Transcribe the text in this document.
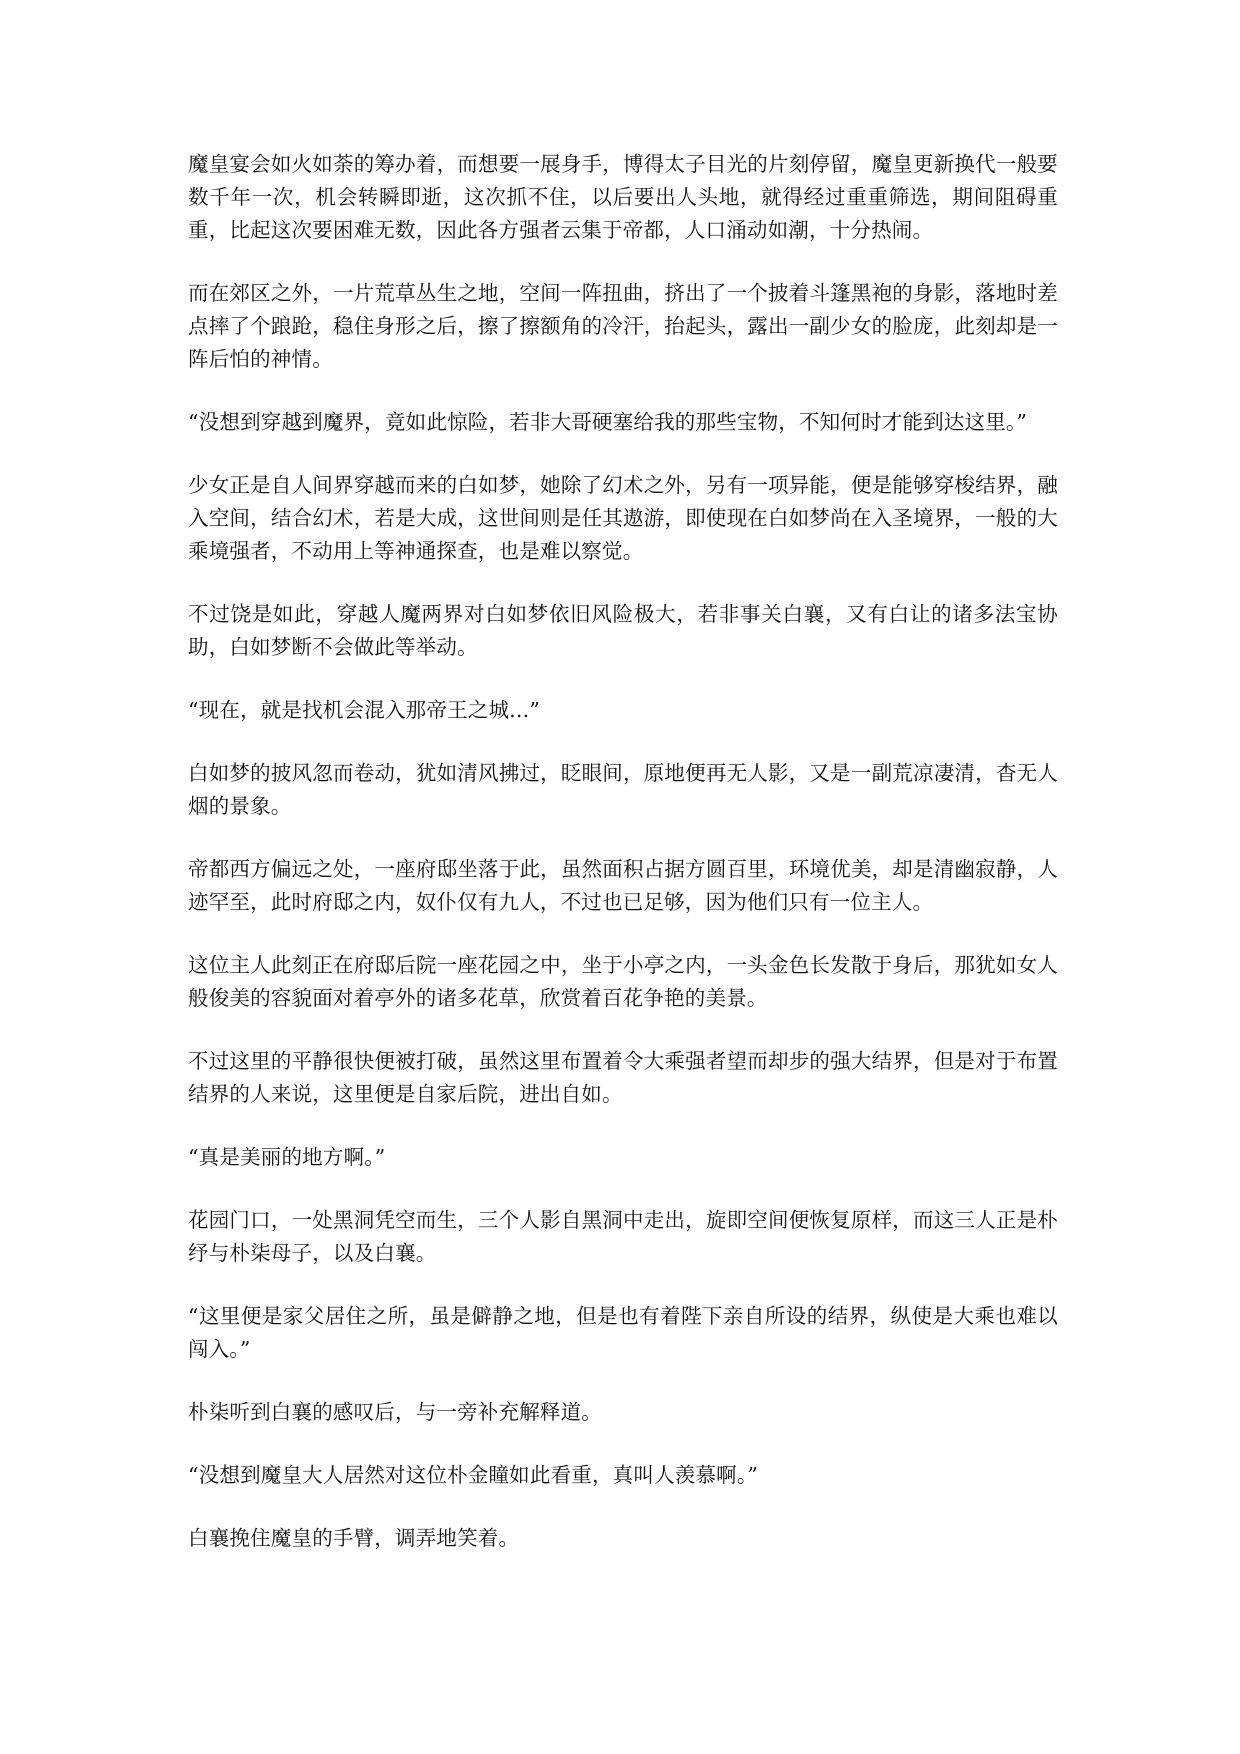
魔皇宴会如火如荼的筹办着，而想要一展身手，博得太子目光的片刻停留，魔皇更新换代一般要数千年一次，机会转瞬即逝，这次抓不住，以后要出人头地，就得经过重重筛选，期间阻碍重重，比起这次要困难无数，因此各方强者云集于帝都，人口涌动如潮，十分热闹。

而在郊区之外，一片荒草丛生之地，空间一阵扭曲，挤出了一个披着斗篷黑袍的身影，落地时差点摔了个踉跄，稳住身形之后，擦了擦额角的冷汗，抬起头，露出一副少女的脸庞，此刻却是一阵后怕的神情。

“没想到穿越到魔界，竟如此惊险，若非大哥硬塞给我的那些宝物，不知何时才能到达这里。”

少女正是自人间界穿越而来的白如梦，她除了幻术之外，另有一项异能，便是能够穿梭结界，融入空间，结合幻术，若是大成，这世间则是任其遨游，即使现在白如梦尚在入圣境界，一般的大乘境强者，不动用上等神通探查，也是难以察觉。

不过饶是如此，穿越人魔两界对白如梦依旧风险极大，若非事关白襄，又有白让的诸多法宝协助，白如梦断不会做此等举动。

“现在，就是找机会混入那帝王之城...”

白如梦的披风忽而卷动，犹如清风拂过，眨眼间，原地便再无人影，又是一副荒凉凄清，杳无人烟的景象。

帝都西方偏远之处，一座府邸坐落于此，虽然面积占据方圆百里，环境优美，却是清幽寂静，人迹罕至，此时府邸之内，奴仆仅有九人，不过也已足够，因为他们只有一位主人。

这位主人此刻正在府邸后院一座花园之中，坐于小亭之内，一头金色长发散于身后，那犹如女人般俊美的容貌面对着亭外的诸多花草，欣赏着百花争艳的美景。

不过这里的平静很快便被打破，虽然这里布置着令大乘强者望而却步的强大结界，但是对于布置结界的人来说，这里便是自家后院，进出自如。

“真是美丽的地方啊。”

花园门口，一处黑洞凭空而生，三个人影自黑洞中走出，旋即空间便恢复原样，而这三人正是朴纾与朴柒母子，以及白襄。

“这里便是家父居住之所，虽是僻静之地，但是也有着陛下亲自所设的结界，纵使是大乘也难以闯入。”

朴柒听到白襄的感叹后，与一旁补充解释道。

“没想到魔皇大人居然对这位朴金瞳如此看重，真叫人羡慕啊。”

白襄挽住魔皇的手臂，调弄地笑着。
